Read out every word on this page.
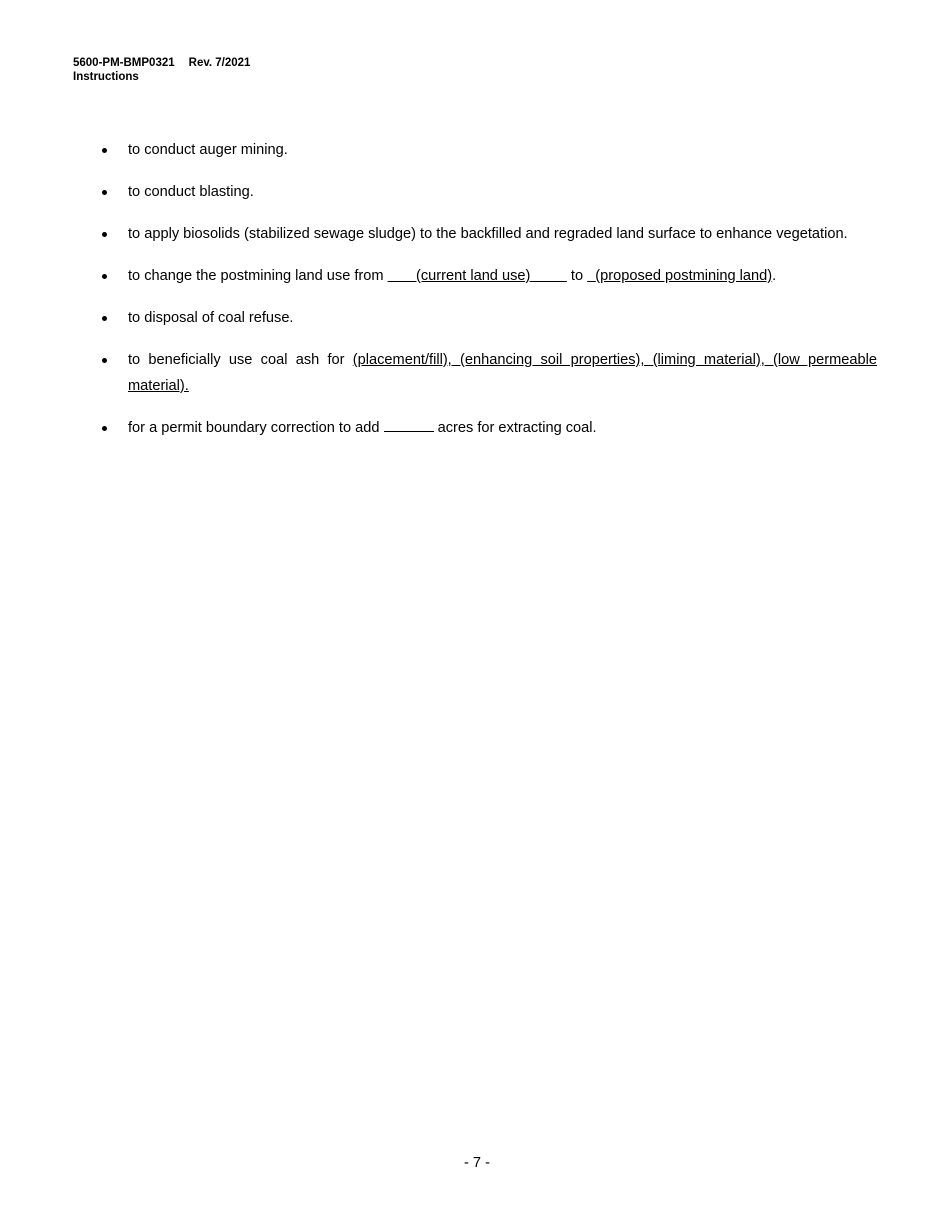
5600-PM-BMP0321 Rev. 7/2021
Instructions
to conduct auger mining.
to conduct blasting.
to apply biosolids (stabilized sewage sludge) to the backfilled and regraded land surface to enhance vegetation.
to change the postmining land use from        (current land use)	to   (proposed postmining land).
to disposal of coal refuse.
to beneficially use coal ash for (placement/fill), (enhancing soil properties), (liming material), (low permeable material).
for a permit boundary correction to add	acres for extracting coal.
- 7 -
